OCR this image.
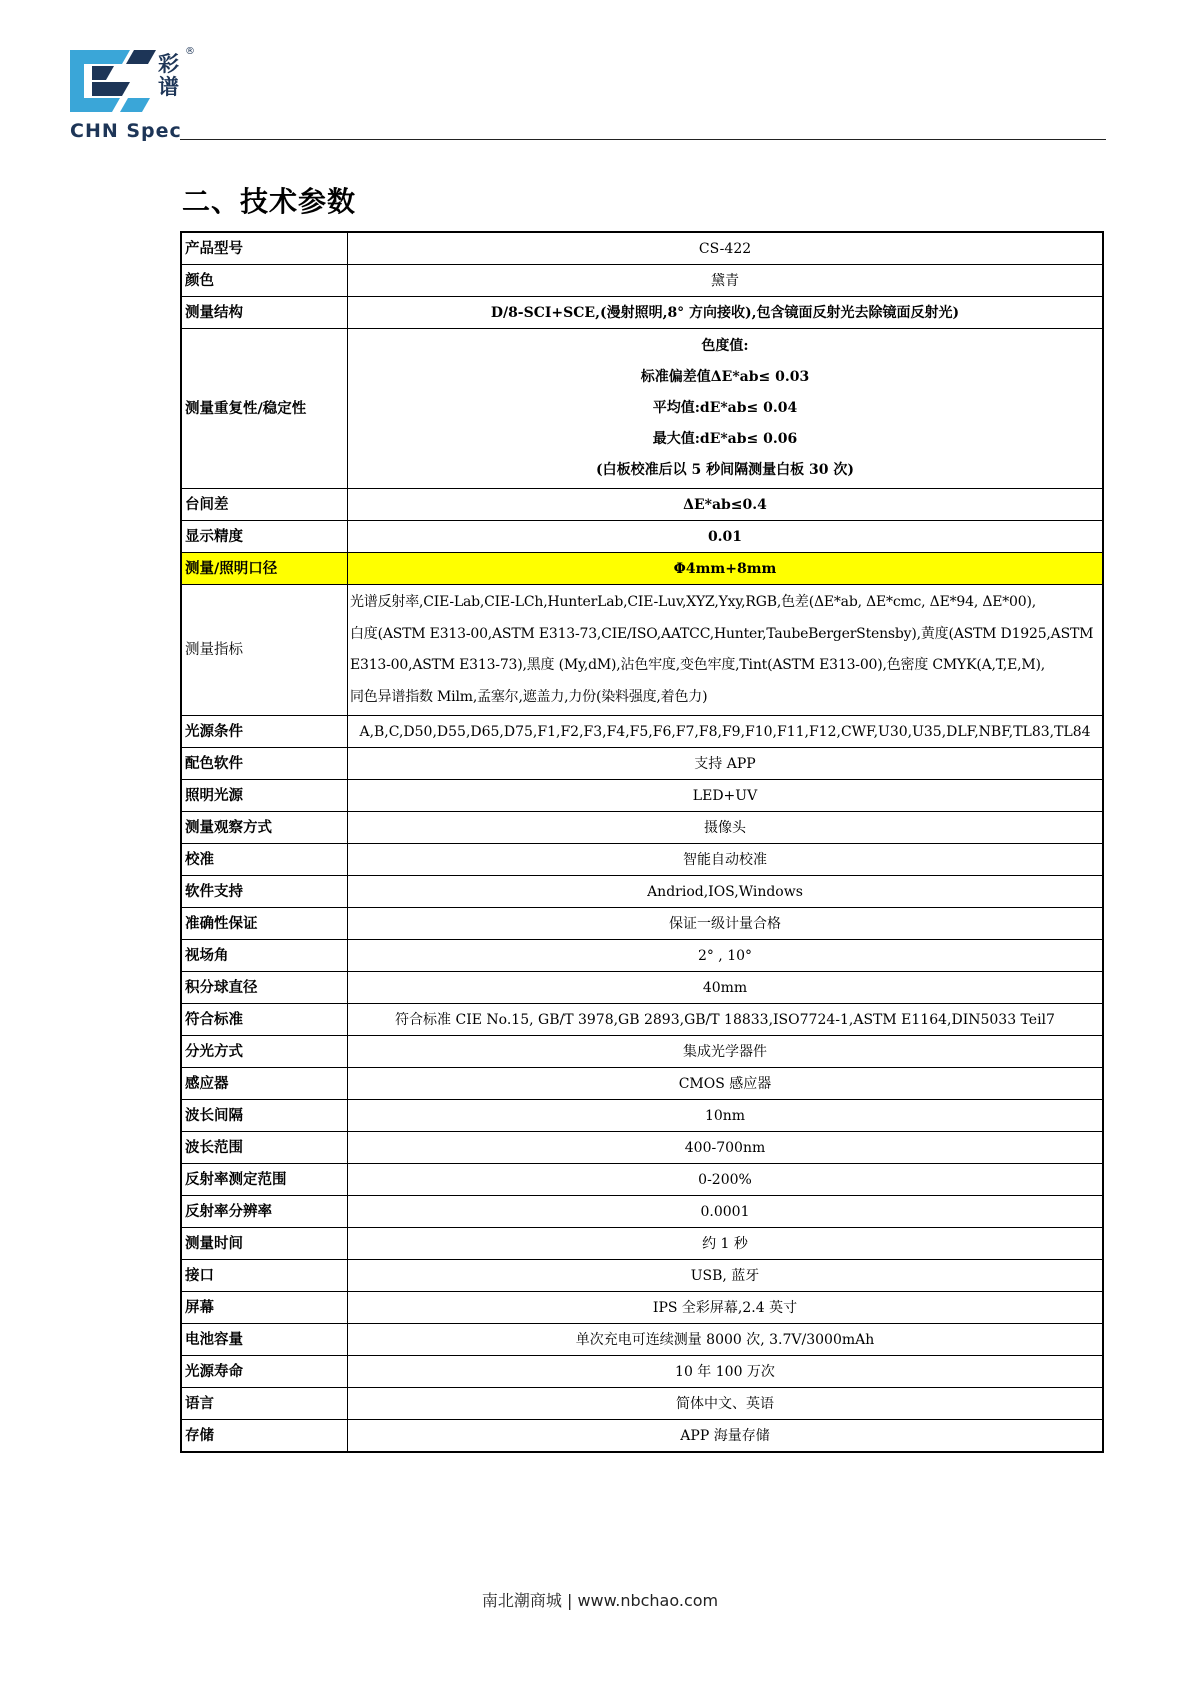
彩谱
®
CHN Spec
二、技术参数
产品型号	CS-422
颜色	黛青
测量结构	D/8-SCI+SCE,(漫射照明,8° 方向接收),包含镜面反射光去除镜面反射光)
测量重复性/稳定性	色度值:
标准偏差值ΔE*ab≤ 0.03
平均值:dE*ab≤ 0.04
最大值:dE*ab≤ 0.06
(白板校准后以 5 秒间隔测量白板 30 次)

台间差	ΔE*ab≤0.4
显示精度	0.01
测量/照明口径	Φ4mm+8mm
测量指标	光谱反射率,CIE-Lab,CIE-LCh,HunterLab,CIE-Luv,XYZ,Yxy,RGB,色差(ΔE*ab, ΔE*cmc, ΔE*94, ΔE*00),
白度(ASTM E313-00,ASTM E313-73,CIE/ISO,AATCC,Hunter,TaubeBergerStensby),黄度(ASTM D1925,ASTM
E313-00,ASTM E313-73),黑度 (My,dM),沾色牢度,变色牢度,Tint(ASTM E313-00),色密度 CMYK(A,T,E,M),
同色异谱指数 Milm,孟塞尔,遮盖力,力份(染料强度,着色力)

光源条件	A,B,C,D50,D55,D65,D75,F1,F2,F3,F4,F5,F6,F7,F8,F9,F10,F11,F12,CWF,U30,U35,DLF,NBF,TL83,TL84
配色软件	支持 APP
照明光源	LED+UV
测量观察方式	摄像头
校准	智能自动校准
软件支持	Andriod,IOS,Windows
准确性保证	保证一级计量合格
视场角	2° , 10°
积分球直径	40mm
符合标准	符合标准 CIE No.15, GB/T 3978,GB 2893,GB/T 18833,ISO7724-1,ASTM E1164,DIN5033 Teil7
分光方式	集成光学器件
感应器	CMOS 感应器
波长间隔	10nm
波长范围	400-700nm
反射率测定范围	0-200%
反射率分辨率	0.0001
测量时间	约 1 秒
接口	USB, 蓝牙
屏幕	IPS 全彩屏幕,2.4 英寸
电池容量	单次充电可连续测量 8000 次, 3.7V/3000mAh
光源寿命	10 年 100 万次
语言	简体中文、英语
存储	APP 海量存储
南北潮商城 | www.nbchao.com
